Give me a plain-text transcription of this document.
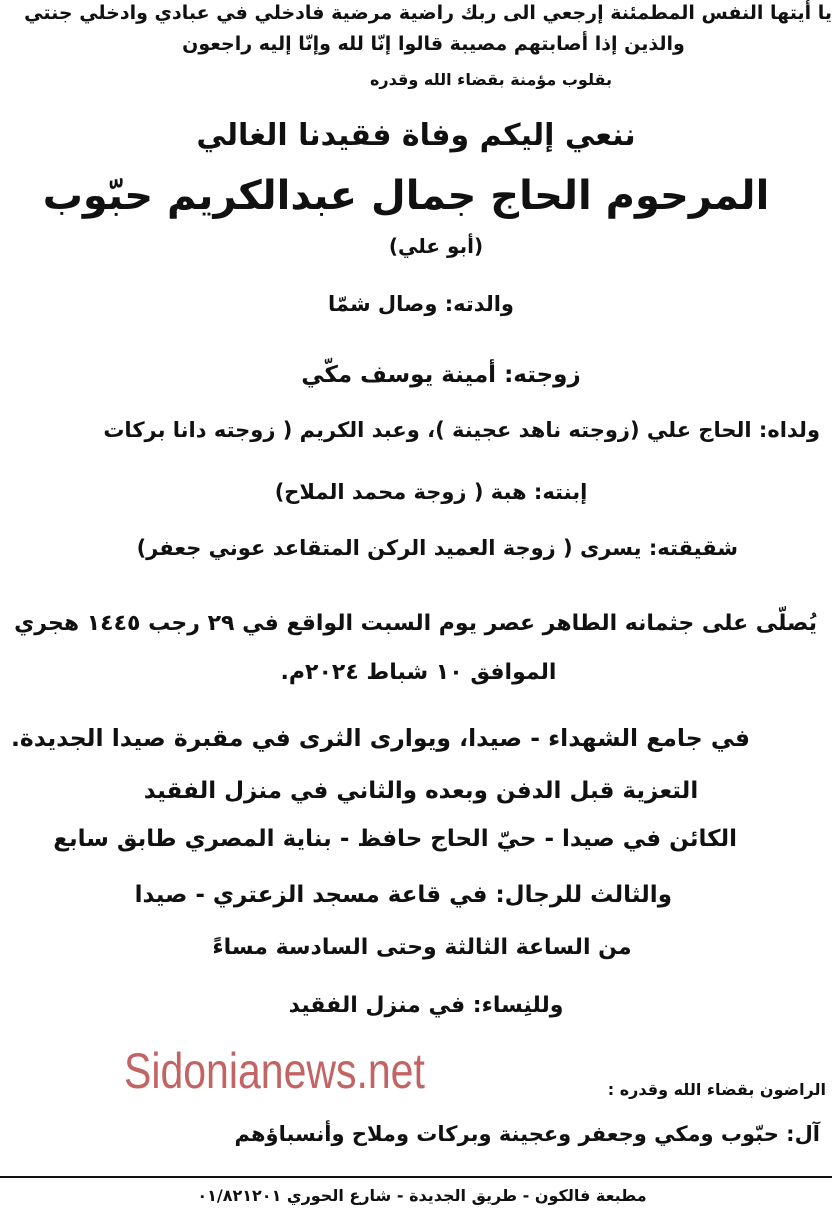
يا أيتها النفس المطمئنة إرجعي الى ربك راضية مرضية فادخلي في عبادي وادخلي جنتي
والذين إذا أصابتهم مصيبة قالوا إنّا لله وإنّا إليه راجعون
بقلوب مؤمنة بقضاء الله وقدره
ننعي إليكم وفاة فقيدنا الغالي
المرحوم الحاج جمال عبدالكريم حبّوب
(أبو علي)
والدته: وصال شمّا
زوجته: أمينة يوسف مكّي
ولداه: الحاج علي (زوجته ناهد عجينة )، وعبد الكريم ( زوجته دانا بركات
إبنته: هبة ( زوجة محمد الملاح)
شقيقته: يسرى ( زوجة العميد الركن المتقاعد عوني جعفر)
يُصلّى على جثمانه الطاهر عصر يوم السبت الواقع في ٢٩ رجب ١٤٤٥ هجري
الموافق ١٠ شباط ٢٠٢٤م.
في جامع الشهداء - صيدا، ويوارى الثرى في مقبرة صيدا الجديدة.
التعزية قبل الدفن وبعده والثاني في منزل الفقيد
الكائن في صيدا - حيّ الحاج حافظ - بناية المصري طابق سابع
والثالث للرجال: في قاعة مسجد الزعتري - صيدا
من الساعة الثالثة وحتى السادسة مساءً
وللنِساء: في منزل الفقيد
Sidonianews.net	الراضون بقضاء الله وقدره :
آل: حبّوب ومكي وجعفر وعجينة وبركات وملاح وأنسباؤهم
مطبعة فالكون - طريق الجديدة - شارع الحوري ٠١/٨٢١٢٠١
